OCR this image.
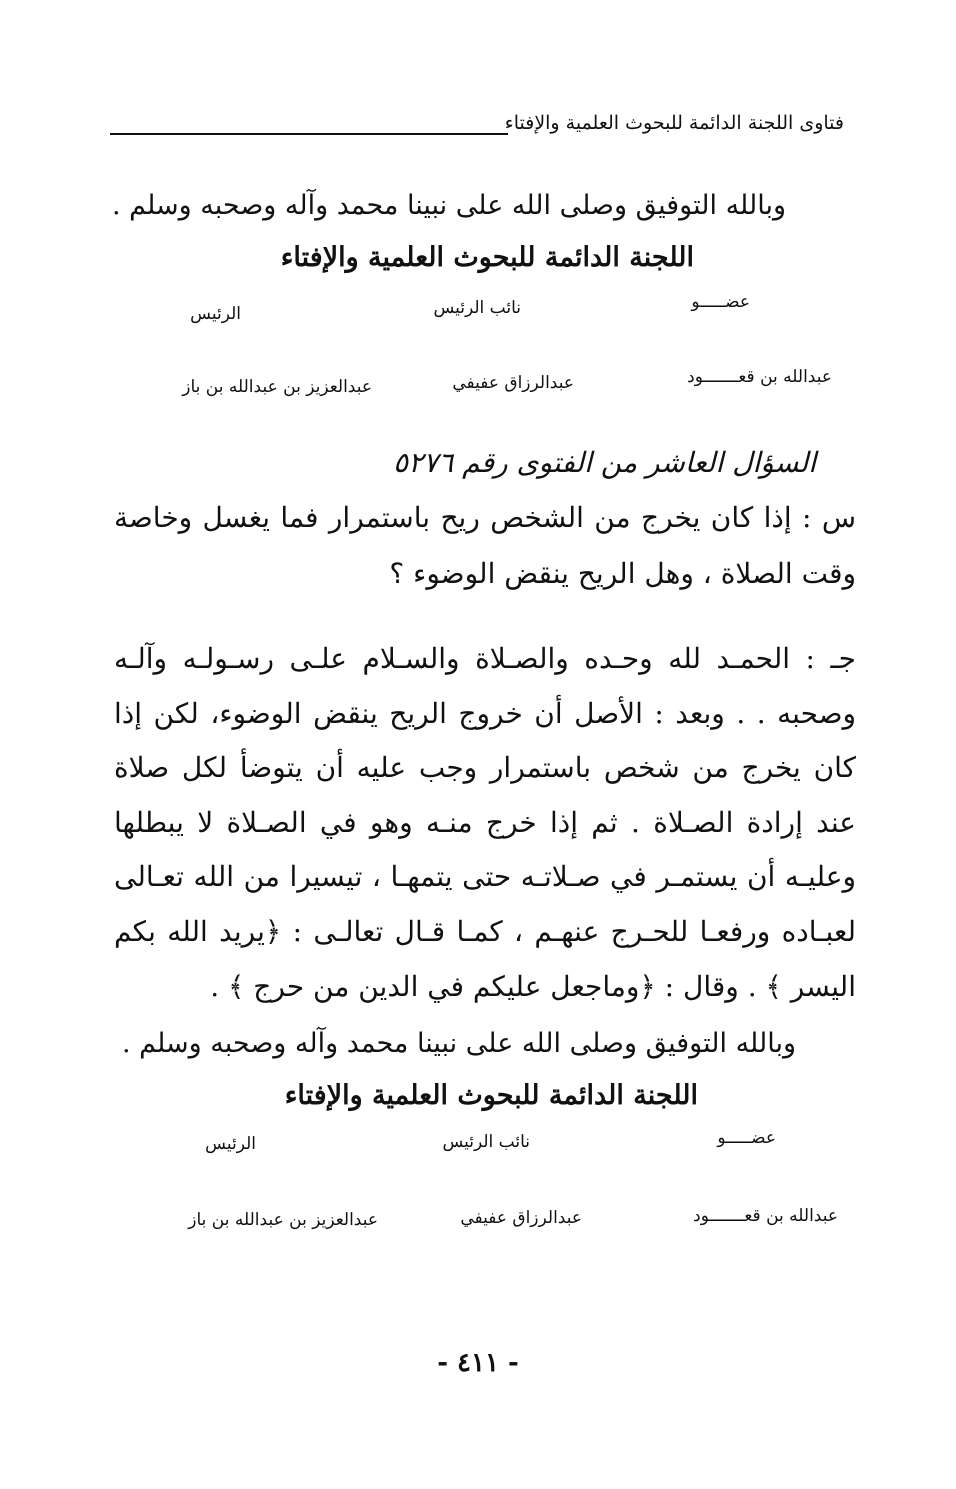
فتاوى اللجنة الدائمة للبحوث العلمية والإفتاء
وبالله التوفيق وصلى الله على نبينا محمد وآله وصحبه وسلم .
اللجنة الدائمة للبحوث العلمية والإفتاء
عضـــــو
نائب الرئيس
الرئيس
عبدالله بن قعـــــــود
عبدالرزاق عفيفي
عبدالعزيز بن عبدالله بن باز
السؤال العاشر من الفتوى رقم ٥٢٧٦

س : إذا كان يخرج من الشخص ريح باستمرار فما يغسل وخاصة وقت الصلاة ، وهل الريح ينقض الوضوء ؟

جـ : الحمـد لله وحـده والصـلاة والسـلام علـى رسـولـه وآلـه وصحبه . . وبعد : الأصل أن خروج الريح ينقض الوضوء، لكن إذا كان يخرج من شخص باستمرار وجب عليه أن يتوضأ لكل صلاة عند إرادة الصـلاة . ثم إذا خرج منـه وهو في الصـلاة لا يبطلها وعليـه أن يستمـر في صـلاتـه حتى يتمهـا ، تيسيرا من الله تعـالى لعبـاده ورفعـا للحـرج عنهـم ، كمـا قـال تعالـى : ﴿يريد الله بكم اليسر ﴾ . وقال : ﴿وماجعل عليكم في الدين من حرج ﴾ .

وبالله التوفيق وصلى الله على نبينا محمد وآله وصحبه وسلم .
اللجنة الدائمة للبحوث العلمية والإفتاء
عضـــــو
نائب الرئيس
الرئيس
عبدالله بن قعـــــــود
عبدالرزاق عفيفي
عبدالعزيز بن عبدالله بن باز
- ٤١١ -
